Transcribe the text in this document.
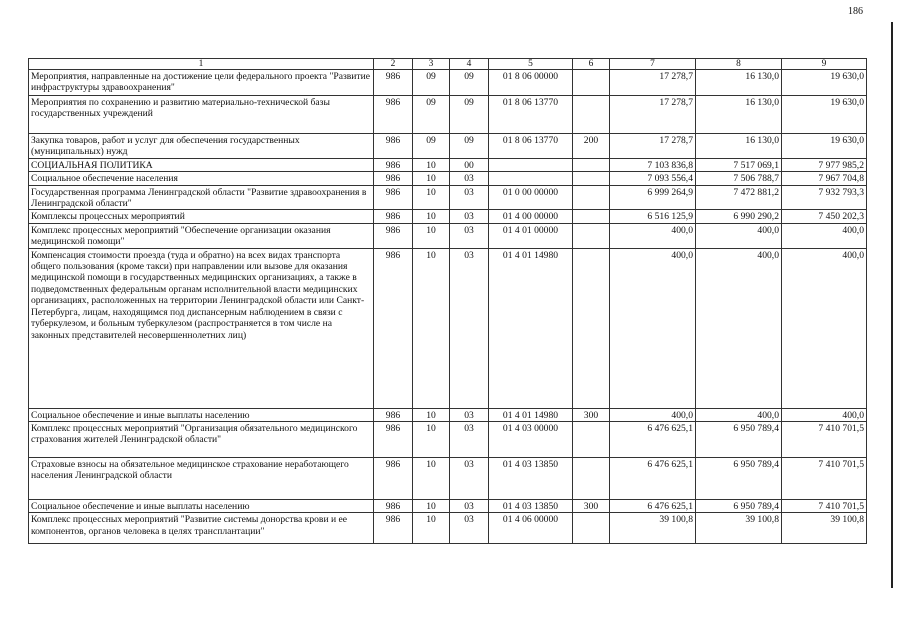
186
1	2	3	4	5	6	7	8	9
Мероприятия, направленные на достижение цели федерального проекта "Развитие инфраструктуры здравоохранения"	986	09	09	01 8 06 00000		17 278,7	16 130,0	19 630,0
Мероприятия по сохранению и развитию материально-технической базы государственных учреждений	986	09	09	01 8 06 13770		17 278,7	16 130,0	19 630,0
Закупка товаров, работ и услуг для обеспечения государственных (муниципальных) нужд	986	09	09	01 8 06 13770	200	17 278,7	16 130,0	19 630,0
СОЦИАЛЬНАЯ ПОЛИТИКА	986	10	00			7 103 836,8	7 517 069,1	7 977 985,2
Социальное обеспечение населения	986	10	03			7 093 556,4	7 506 788,7	7 967 704,8
Государственная программа Ленинградской области "Развитие здравоохранения в Ленинградской области"	986	10	03	01 0 00 00000		6 999 264,9	7 472 881,2	7 932 793,3
Комплексы процессных мероприятий	986	10	03	01 4 00 00000		6 516 125,9	6 990 290,2	7 450 202,3
Комплекс процессных мероприятий "Обеспечение организации оказания медицинской помощи"	986	10	03	01 4 01 00000		400,0	400,0	400,0
Компенсация стоимости проезда (туда и обратно) на всех видах транспорта общего пользования (кроме такси) при направлении или вызове для оказания медицинской помощи в государственных медицинских организациях, а также в подведомственных федеральным органам исполнительной власти медицинских организациях, расположенных на территории Ленинградской области или Санкт-Петербурга, лицам, находящимся под диспансерным наблюдением в связи с туберкулезом, и больным туберкулезом (распространяется в том числе на законных представителей несовершеннолетних лиц)	986	10	03	01 4 01 14980		400,0	400,0	400,0
Социальное обеспечение и иные выплаты населению	986	10	03	01 4 01 14980	300	400,0	400,0	400,0
Комплекс процессных мероприятий "Организация обязательного медицинского страхования жителей Ленинградской области"	986	10	03	01 4 03 00000		6 476 625,1	6 950 789,4	7 410 701,5
Страховые взносы на обязательное медицинское страхование неработающего населения Ленинградской области	986	10	03	01 4 03 13850		6 476 625,1	6 950 789,4	7 410 701,5
Социальное обеспечение и иные выплаты населению	986	10	03	01 4 03 13850	300	6 476 625,1	6 950 789,4	7 410 701,5
Комплекс процессных мероприятий "Развитие системы донорства крови и ее компонентов, органов человека в целях трансплантации"	986	10	03	01 4 06 00000		39 100,8	39 100,8	39 100,8
